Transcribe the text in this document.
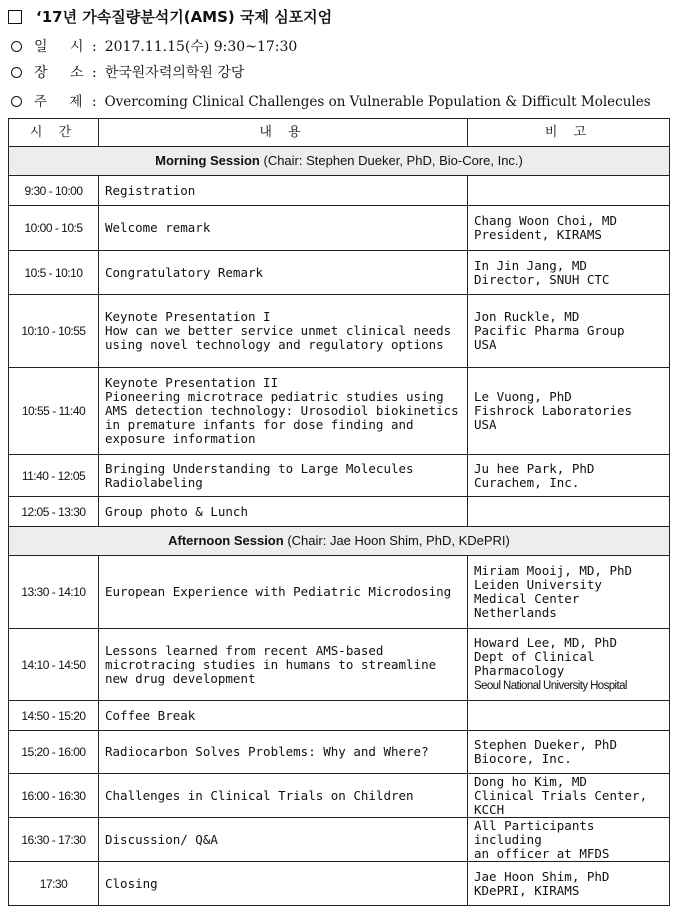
‘17년 가속질량분석기(AMS) 국제 심포지엄
일 시: 2017.11.15(수) 9:30~17:30
장 소: 한국원자력의학원 강당
주 제: Overcoming Clinical Challenges on Vulnerable Population & Difficult Molecules
시 간	내 용	비 고
Morning Session (Chair: Stephen Dueker, PhD, Bio-Core, Inc.)		
9:30 - 10:00	Registration	
10:00 - 10:5	Welcome remark	Chang Woon Choi, MD
President, KIRAMS
10:5 - 10:10	Congratulatory Remark	In Jin Jang, MD
Director, SNUH CTC
10:10 - 10:55	Keynote Presentation I
How can we better service unmet clinical needs
using novel technology and regulatory options	Jon Ruckle, MD
Pacific Pharma Group
USA
10:55 - 11:40	Keynote Presentation II
Pioneering microtrace pediatric studies using
AMS detection technology: Urosodiol biokinetics
in premature infants for dose finding and
exposure information	Le Vuong, PhD
Fishrock Laboratories
USA
11:40 - 12:05	Bringing Understanding to Large Molecules
Radiolabeling	Ju hee Park, PhD
Curachem, Inc.
12:05 - 13:30	Group photo & Lunch	
Afternoon Session (Chair: Jae Hoon Shim, PhD, KDePRI)		
13:30 - 14:10	European Experience with Pediatric Microdosing	Miriam Mooij, MD, PhD
Leiden University
Medical Center
Netherlands
14:10 - 14:50	Lessons learned from recent AMS-based
microtracing studies in humans to streamline
new drug development	Howard Lee, MD, PhD
Dept of Clinical
Pharmacology
Seoul National University Hospital
14:50 - 15:20	Coffee Break	
15:20 - 16:00	Radiocarbon Solves Problems: Why and Where?	Stephen Dueker, PhD
Biocore, Inc.
16:00 - 16:30	Challenges in Clinical Trials on Children	Dong ho Kim, MD
Clinical Trials Center, KCCH
16:30 - 17:30	Discussion/ Q&A	All Participants including
an officer at MFDS
17:30	Closing	Jae Hoon Shim, PhD
KDePRI, KIRAMS
